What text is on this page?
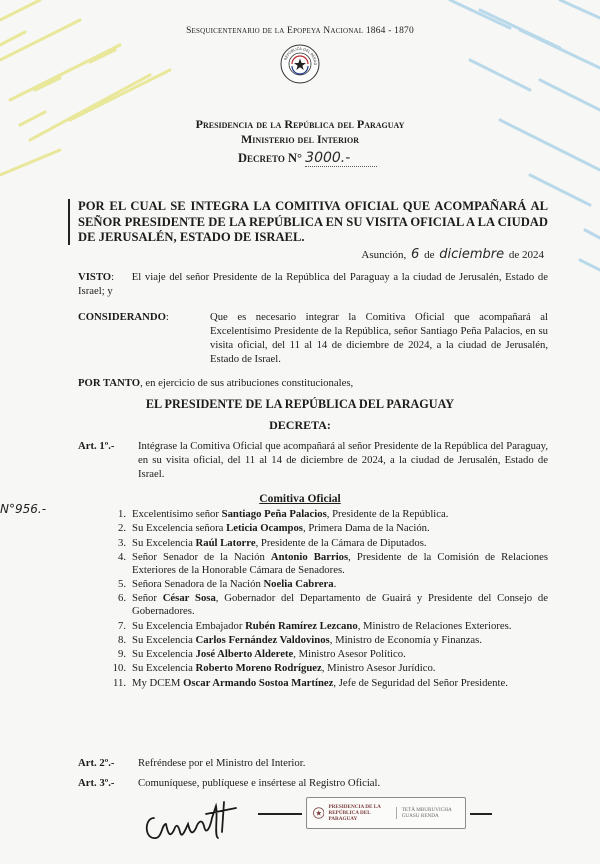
Sesquicentenario de la Epopeya Nacional 1864 - 1870
REPÚBLICA DEL PARAG
Presidencia de la República del Paraguay
Ministerio del Interior
Decreto N° 3000.-
POR EL CUAL SE INTEGRA LA COMITIVA OFICIAL QUE ACOMPAÑARÁ AL SEÑOR PRESIDENTE DE LA REPÚBLICA EN SU VISITA OFICIAL A LA CIUDAD DE JERUSALÉN, ESTADO DE ISRAEL.
Asunción, 6 de diciembre de 2024
VISTO: El viaje del señor Presidente de la República del Paraguay a la ciudad de Jerusalén, Estado de Israel; y
CONSIDERANDO:	Que es necesario integrar la Comitiva Oficial que acompañará al Excelentísimo Presidente de la República, señor Santiago Peña Palacios, en su visita oficial, del 11 al 14 de diciembre de 2024, a la ciudad de Jerusalén, Estado de Israel.
POR TANTO, en ejercicio de sus atribuciones constitucionales,
EL PRESIDENTE DE LA REPÚBLICA DEL PARAGUAY
DECRETA:
Art. 1º.-	Intégrase la Comitiva Oficial que acompañará al señor Presidente de la República del Paraguay, en su visita oficial, del 11 al 14 de diciembre de 2024, a la ciudad de Jerusalén, Estado de Israel.
N°956.-
Comitiva Oficial
1. Excelentísimo señor Santiago Peña Palacios, Presidente de la República.
2. Su Excelencia señora Leticia Ocampos, Primera Dama de la Nación.
3. Su Excelencia Raúl Latorre, Presidente de la Cámara de Diputados.
4. Señor Senador de la Nación Antonio Barrios, Presidente de la Comisión de Relaciones Exteriores de la Honorable Cámara de Senadores.
5. Señora Senadora de la Nación Noelia Cabrera.
6. Señor César Sosa, Gobernador del Departamento de Guairá y Presidente del Consejo de Gobernadores.
7. Su Excelencia Embajador Rubén Ramírez Lezcano, Ministro de Relaciones Exteriores.
8. Su Excelencia Carlos Fernández Valdovinos, Ministro de Economía y Finanzas.
9. Su Excelencia José Alberto Alderete, Ministro Asesor Político.
10. Su Excelencia Roberto Moreno Rodríguez, Ministro Asesor Jurídico.
11. My DCEM Oscar Armando Sostoa Martínez, Jefe de Seguridad del Señor Presidente.
Art. 2º.-	Refréndese por el Ministro del Interior.
Art. 3º.-	Comuníquese, publíquese e insértese al Registro Oficial.
Cumprj
PRESIDENCIA DE LA REPÚBLICA DEL PARAGUAY
TETÃ MBURUVICHA GUASU RENDA
